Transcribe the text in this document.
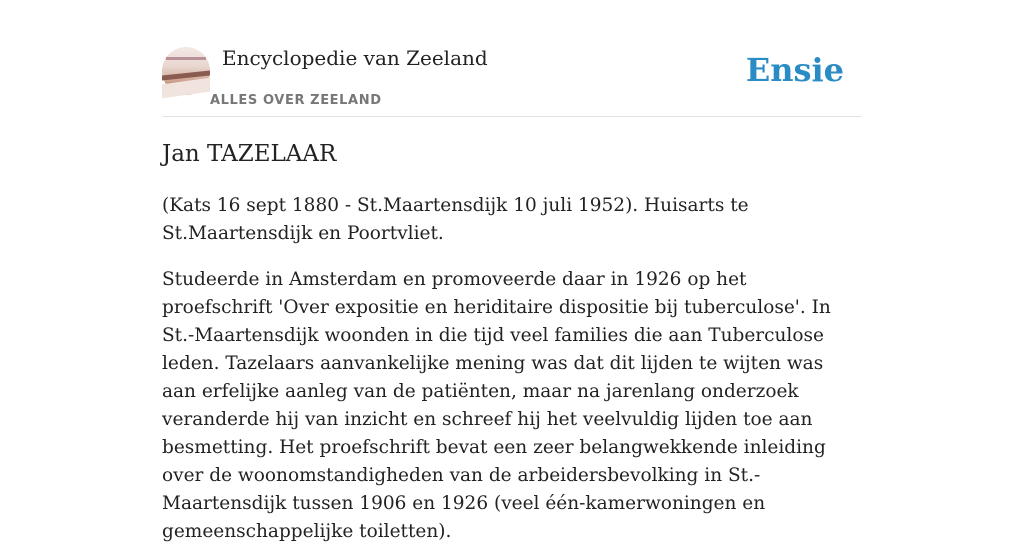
Encyclopedie van Zeeland
ALLES OVER ZEELAND
Ensie
Jan TAZELAAR

(Kats 16 sept 1880 - St.Maartensdijk 10 juli 1952). Huisarts te St.Maartensdijk en Poortvliet.

Studeerde in Amsterdam en promoveerde daar in 1926 op het proefschrift 'Over expositie en heriditaire dispositie bij tuberculose'. In St.-Maartensdijk woonden in die tijd veel families die aan Tuberculose leden. Tazelaars aanvankelijke mening was dat dit lijden te wijten was aan erfelijke aanleg van de patiënten, maar na jarenlang onderzoek veranderde hij van inzicht en schreef hij het veelvuldig lijden toe aan besmetting. Het proefschrift bevat een zeer belangwekkende inleiding over de woonomstandigheden van de arbeidersbevolking in St.-Maartensdijk tussen 1906 en 1926 (veel één-kamerwoningen en gemeenschappelijke toiletten).
